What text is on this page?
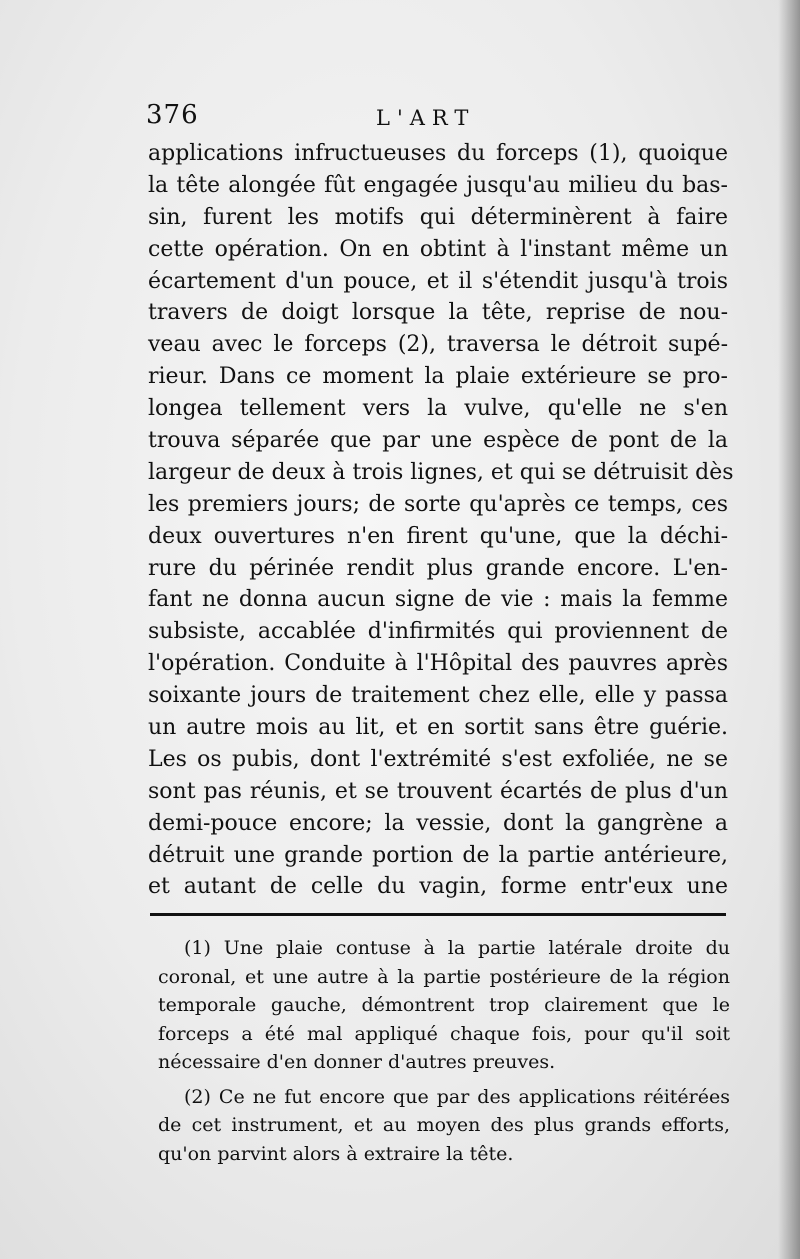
376	L'ART
applications infructueuses du forceps (1), quoique
la tête alongée fût engagée jusqu'au milieu du bas-
sin, furent les motifs qui déterminèrent à faire
cette opération. On en obtint à l'instant même un
écartement d'un pouce, et il s'étendit jusqu'à trois
travers de doigt lorsque la tête, reprise de nou-
veau avec le forceps (2), traversa le détroit supé-
rieur. Dans ce moment la plaie extérieure se pro-
longea tellement vers la vulve, qu'elle ne s'en
trouva séparée que par une espèce de pont de la
largeur de deux à trois lignes, et qui se détruisit dès
les premiers jours; de sorte qu'après ce temps, ces
deux ouvertures n'en firent qu'une, que la déchi-
rure du périnée rendit plus grande encore. L'en-
fant ne donna aucun signe de vie : mais la femme
subsiste, accablée d'infirmités qui proviennent de
l'opération. Conduite à l'Hôpital des pauvres après
soixante jours de traitement chez elle, elle y passa
un autre mois au lit, et en sortit sans être guérie.
Les os pubis, dont l'extrémité s'est exfoliée, ne se
sont pas réunis, et se trouvent écartés de plus d'un
demi-pouce encore; la vessie, dont la gangrène a
détruit une grande portion de la partie antérieure,
et autant de celle du vagin, forme entr'eux une
(1) Une plaie contuse à la partie latérale droite du
coronal, et une autre à la partie postérieure de la région
temporale gauche, démontrent trop clairement que le
forceps a été mal appliqué chaque fois, pour qu'il soit
nécessaire d'en donner d'autres preuves.
(2) Ce ne fut encore que par des applications réitérées
de cet instrument, et au moyen des plus grands efforts,
qu'on parvint alors à extraire la tête.
